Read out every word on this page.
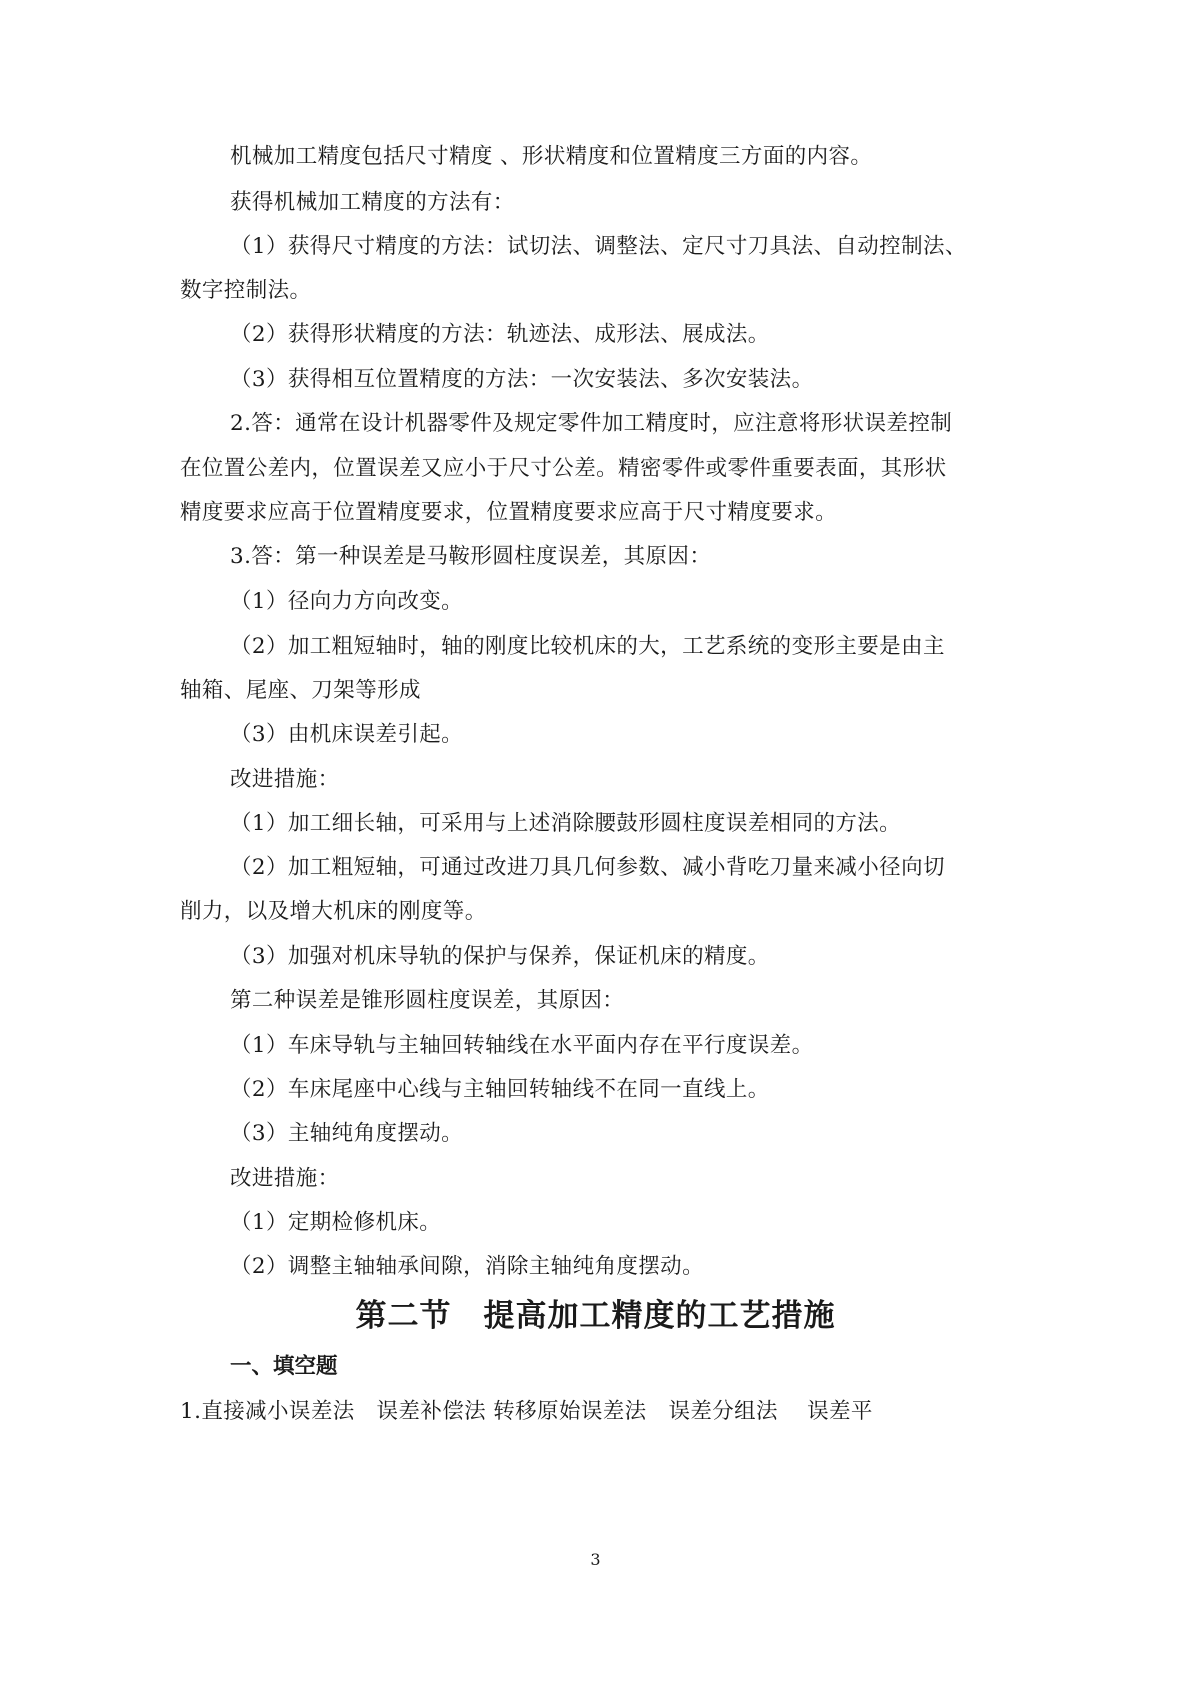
机械加工精度包括尺寸精度 、形状精度和位置精度三方面的内容。
获得机械加工精度的方法有：
（1）获得尺寸精度的方法：试切法、调整法、定尺寸刀具法、自动控制法、
数字控制法。
（2）获得形状精度的方法：轨迹法、成形法、展成法。
（3）获得相互位置精度的方法：一次安装法、多次安装法。
2.答：通常在设计机器零件及规定零件加工精度时，应注意将形状误差控制
在位置公差内，位置误差又应小于尺寸公差。精密零件或零件重要表面，其形状
精度要求应高于位置精度要求，位置精度要求应高于尺寸精度要求。
3.答：第一种误差是马鞍形圆柱度误差，其原因：
（1）径向力方向改变。
（2）加工粗短轴时，轴的刚度比较机床的大，工艺系统的变形主要是由主
轴箱、尾座、刀架等形成
（3）由机床误差引起。
改进措施：
（1）加工细长轴，可采用与上述消除腰鼓形圆柱度误差相同的方法。
（2）加工粗短轴，可通过改进刀具几何参数、减小背吃刀量来减小径向切
削力，以及增大机床的刚度等。
（3）加强对机床导轨的保护与保养，保证机床的精度。
第二种误差是锥形圆柱度误差，其原因：
（1）车床导轨与主轴回转轴线在水平面内存在平行度误差。
（2）车床尾座中心线与主轴回转轴线不在同一直线上。
（3）主轴纯角度摆动。
改进措施：
（1）定期检修机床。
（2）调整主轴轴承间隙，消除主轴纯角度摆动。
第二节　提高加工精度的工艺措施
一、填空题
1.直接减小误差法　误差补偿法 转移原始误差法　误差分组法　 误差平
3
